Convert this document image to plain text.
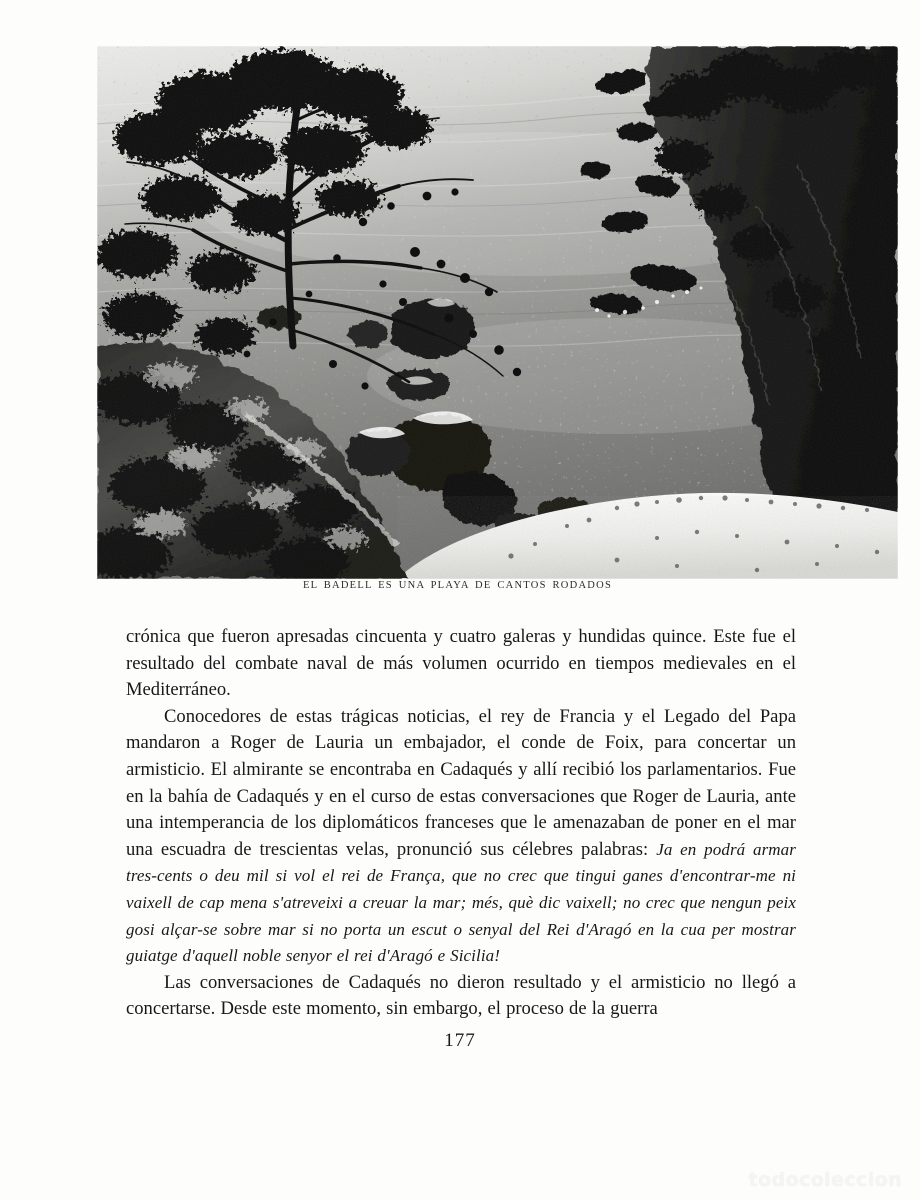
EL BADELL ES UNA PLAYA DE CANTOS RODADOS

crónica que fueron apresadas cincuenta y cuatro galeras y hundidas quince. Este fue el resultado del combate naval de más volumen ocurrido en tiempos medievales en el Mediterráneo.

Conocedores de estas trágicas noticias, el rey de Francia y el Legado del Papa mandaron a Roger de Lauria un embajador, el conde de Foix, para concertar un armisticio. El almirante se encontraba en Cadaqués y allí recibió los parlamentarios. Fue en la bahía de Cadaqués y en el curso de estas conversaciones que Roger de Lauria, ante una intemperancia de los diplomáticos franceses que le amenazaban de poner en el mar una escuadra de trescientas velas, pronunció sus célebres palabras: Ja en podrá armar tres-cents o deu mil si vol el rei de França, que no crec que tingui ganes d'encontrar-me ni vaixell de cap mena s'atreveixi a creuar la mar; més, què dic vaixell; no crec que nengun peix gosi alçar-se sobre mar si no porta un escut o senyal del Rei d'Aragó en la cua per mostrar guiatge d'aquell noble senyor el rei d'Aragó e Sicilia!

Las conversaciones de Cadaqués no dieron resultado y el armisticio no llegó a concertarse. Desde este momento, sin embargo, el proceso de la guerra

177
todocoleccion
